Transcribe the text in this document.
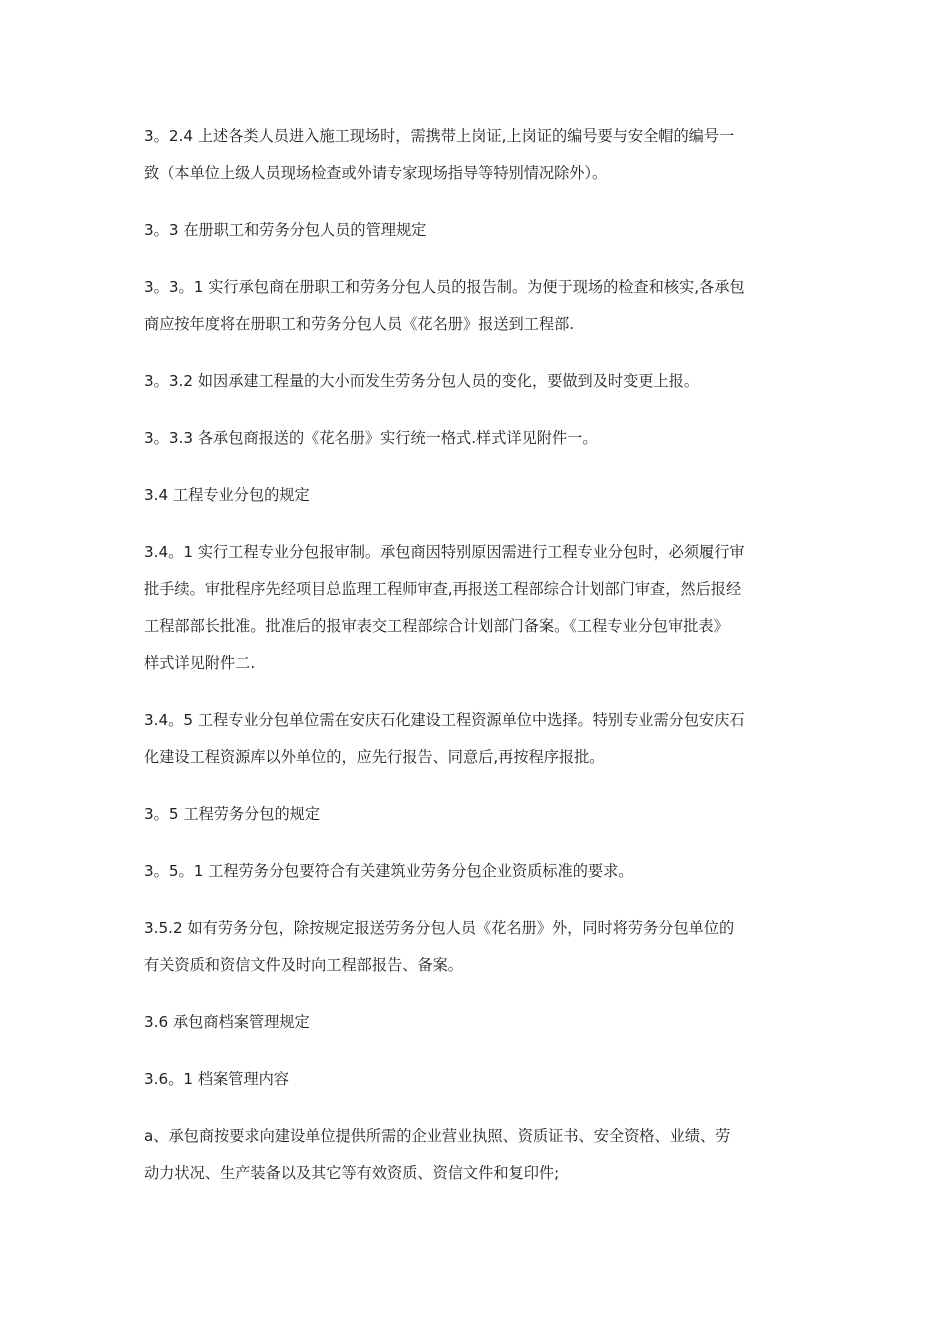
3。2.4 上述各类人员进入施工现场时，需携带上岗证,上岗证的编号要与安全帽的编号一
致（本单位上级人员现场检查或外请专家现场指导等特别情况除外）。

3。3 在册职工和劳务分包人员的管理规定

3。3。1 实行承包商在册职工和劳务分包人员的报告制。为便于现场的检查和核实,各承包
商应按年度将在册职工和劳务分包人员《花名册》报送到工程部.

3。3.2 如因承建工程量的大小而发生劳务分包人员的变化，要做到及时变更上报。

3。3.3 各承包商报送的《花名册》实行统一格式.样式详见附件一。

3.4 工程专业分包的规定

3.4。1 实行工程专业分包报审制。承包商因特别原因需进行工程专业分包时，必须履行审
批手续。审批程序先经项目总监理工程师审查,再报送工程部综合计划部门审查，然后报经
工程部部长批准。批准后的报审表交工程部综合计划部门备案。《工程专业分包审批表》
样式详见附件二.

3.4。5 工程专业分包单位需在安庆石化建设工程资源单位中选择。特别专业需分包安庆石
化建设工程资源库以外单位的，应先行报告、同意后,再按程序报批。

3。5 工程劳务分包的规定

3。5。1 工程劳务分包要符合有关建筑业劳务分包企业资质标准的要求。

3.5.2 如有劳务分包，除按规定报送劳务分包人员《花名册》外，同时将劳务分包单位的
有关资质和资信文件及时向工程部报告、备案。

3.6 承包商档案管理规定

3.6。1 档案管理内容

a、承包商按要求向建设单位提供所需的企业营业执照、资质证书、安全资格、业绩、劳
动力状况、生产装备以及其它等有效资质、资信文件和复印件;
